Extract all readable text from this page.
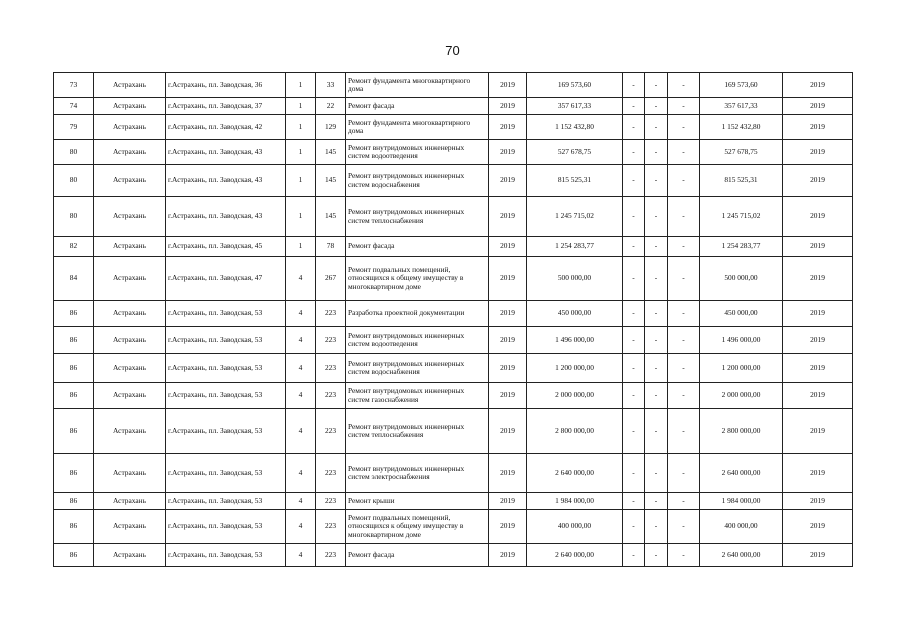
70
73	Астрахань	г.Астрахань, пл. Заводская, 36	1	33	Ремонт фундамента многоквартирного дома	2019	169 573,60	-	-	-	169 573,60	2019
74	Астрахань	г.Астрахань, пл. Заводская, 37	1	22	Ремонт фасада	2019	357 617,33	-	-	-	357 617,33	2019
79	Астрахань	г.Астрахань, пл. Заводская, 42	1	129	Ремонт фундамента многоквартирного дома	2019	1 152 432,80	-	-	-	1 152 432,80	2019
80	Астрахань	г.Астрахань, пл. Заводская, 43	1	145	Ремонт внутридомовых инженерных систем водоотведения	2019	527 678,75	-	-	-	527 678,75	2019
80	Астрахань	г.Астрахань, пл. Заводская, 43	1	145	Ремонт внутридомовых инженерных систем водоснабжения	2019	815 525,31	-	-	-	815 525,31	2019
80	Астрахань	г.Астрахань, пл. Заводская, 43	1	145	Ремонт внутридомовых инженерных систем теплоснабжения	2019	1 245 715,02	-	-	-	1 245 715,02	2019
82	Астрахань	г.Астрахань, пл. Заводская, 45	1	78	Ремонт фасада	2019	1 254 283,77	-	-	-	1 254 283,77	2019
84	Астрахань	г.Астрахань, пл. Заводская, 47	4	267	Ремонт подвальных помещений, относящихся к общему имуществу в многоквартирном доме	2019	500 000,00	-	-	-	500 000,00	2019
86	Астрахань	г.Астрахань, пл. Заводская, 53	4	223	Разработка проектной документации	2019	450 000,00	-	-	-	450 000,00	2019
86	Астрахань	г.Астрахань, пл. Заводская, 53	4	223	Ремонт внутридомовых инженерных систем водоотведения	2019	1 496 000,00	-	-	-	1 496 000,00	2019
86	Астрахань	г.Астрахань, пл. Заводская, 53	4	223	Ремонт внутридомовых инженерных систем водоснабжения	2019	1 200 000,00	-	-	-	1 200 000,00	2019
86	Астрахань	г.Астрахань, пл. Заводская, 53	4	223	Ремонт внутридомовых инженерных систем газоснабжения	2019	2 000 000,00	-	-	-	2 000 000,00	2019
86	Астрахань	г.Астрахань, пл. Заводская, 53	4	223	Ремонт внутридомовых инженерных систем теплоснабжения	2019	2 800 000,00	-	-	-	2 800 000,00	2019
86	Астрахань	г.Астрахань, пл. Заводская, 53	4	223	Ремонт внутридомовых инженерных систем электроснабжения	2019	2 640 000,00	-	-	-	2 640 000,00	2019
86	Астрахань	г.Астрахань, пл. Заводская, 53	4	223	Ремонт крыши	2019	1 984 000,00	-	-	-	1 984 000,00	2019
86	Астрахань	г.Астрахань, пл. Заводская, 53	4	223	Ремонт подвальных помещений, относящихся к общему имуществу в многоквартирном доме	2019	400 000,00	-	-	-	400 000,00	2019
86	Астрахань	г.Астрахань, пл. Заводская, 53	4	223	Ремонт фасада	2019	2 640 000,00	-	-	-	2 640 000,00	2019
